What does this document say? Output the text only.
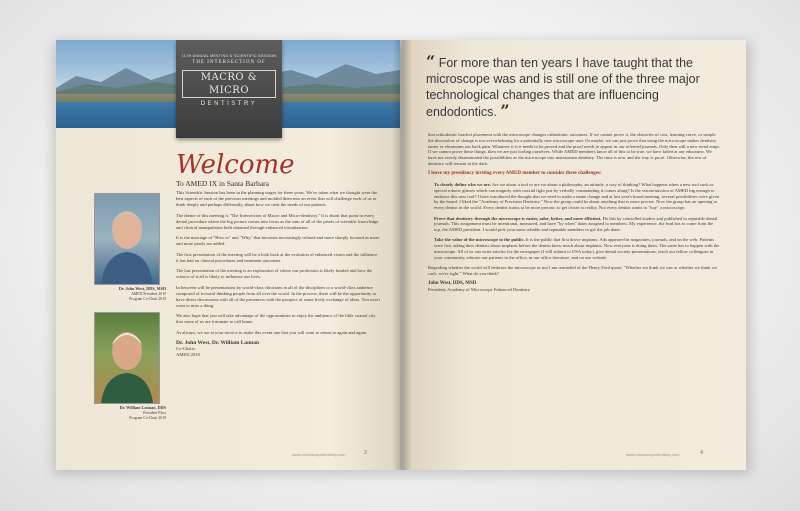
11TH ANNUAL MEETING & SCIENTIFIC SESSION
THE INTERSECTION OF
MACRO & MICRO
DENTISTRY
Welcome
To AMED IX in Santa Barbara
Dr. John West, DDS, MSD
AMED President 2010
Program Co-Chair 2010
Dr. William Lannan, DDS
President Elect
Program Co-Chair 2010

This Scientific Session has been in the planning stages for three years. We've taken what we thought were the best aspects of each of the previous meetings and molded them into an event that will challenge each of us to think deeply and perhaps differently, about how we treat the needs of our patients.

The theme of this meeting is "The Intersection of Macro and Micro-dentistry." It is about that point in every dental procedure where the big picture comes into focus as the sum of all of the pixels of scientific knowledge and clinical manipulation both obtained through enhanced visualization.

It is the marriage of "How to" and "Why" that becomes increasingly refined and more sharply focused as more and more pixels are added.

The first presentation of the meeting will be a look back at the evolution of enhanced vision and the influence it has had on clinical procedures and treatment outcomes.

The last presentation of the meeting is an exploration of where our profession is likely headed and how the science of it all is likely to influence our lives.

In between will be presentations by world-class clinicians in all of the disciplines to a world-class audience composed of forward thinking people from all over the world. In the process, there will be the opportunity to have direct discussions with all of the presenters with the prospect of some lively exchange of ideas. You won't want to miss a thing.

We also hope that you will take advantage of the opportunities to enjoy the ambience of the little coastal city that some of us are fortunate to call home.

As always, we are at your service to make this event one that you will want to return to again and again.

Dr. John West, Dr. William Lannan
Co-Chairs
AMED 2010
www.microscopedentistry.com	2
“ For more than ten years I have taught that the microscope was and is still one of the three major technological changes that are influencing endodontics. ”

that orthodontic bracket placement with the microscope changes orthodontic outcomes. If we cannot prove it, the obstacles of cost, learning curve, or simple the discomfort of change is too overwhelming for a potentially new microscope user. Or maybe, we can just prove that using the microscope makes dentistry easier or eliminates our back pain. Whatever it is it needs to be proved and the proof needs to appear in our refereed journals. Only then will a new trend erupt. If we cannot prove these things, then we are just fooling ourselves. While AMED members know all of this to be true, we have failed at our education. We have not evenly disseminated the possibilities as the microscope into mainstream dentistry. The time is now and the way is proof. Otherwise, the rest of dentistry will remain in the dark.

I leave my presidency inviting every AMED member to consider three challenges:

To clearly define who we are. Are we about a tool or are we about a philosophy, an attitude, a way of thinking? What happens when a new tool such as special robotic glasses which can magnify with coaxial light just by verbally commanding it comes along? Is the vision/mission of AMED big enough to embrace this new tool? I have introduced the thought that we need to make a name change and at last year's board meeting, several possibilities were given by the board. I liked the "Academy of Precision Dentistry." Now the group could be about anything that is more precise. Now the group has an opening to every dentist in the world. Every dentist wants to be more precise; to get closer to reality. Not every dentist wants to "buy" a microscope.

Prove that dentistry through the microscope is easier, safer, better, and more efficient. Do this by controlled studies and published in reputable dental journals. This assignment must be intentional, measured, and have "by when" dates assigned to members. My experience, the lead has to come from the top, the AMED president. I would pick your most reliable and reputable members to get the job done.

Take the value of the microscope to the public. It is the public that first drove implants. Ads appeared in magazines, journals, and on the web. Patients were first asking their dentists about implants before the dentist knew much about implants. Now everyone is doing them. The same has to happen with the microscope. All of us can write articles for the newspaper (I will submit to USA today), give dental society presentations, teach our fellow colleagues in your community, educate our patients in the office, in our office literature, and on our website.

Regarding whether the world will embrace the microscope or not I am reminded of the Henry Ford quote: "Whether we think we can or whether we think we can't, we're right." What do you think?

John West, DDS, MSD
President, Academy of Microscope Enhanced Dentistry
www.microscopedentistry.com	4
